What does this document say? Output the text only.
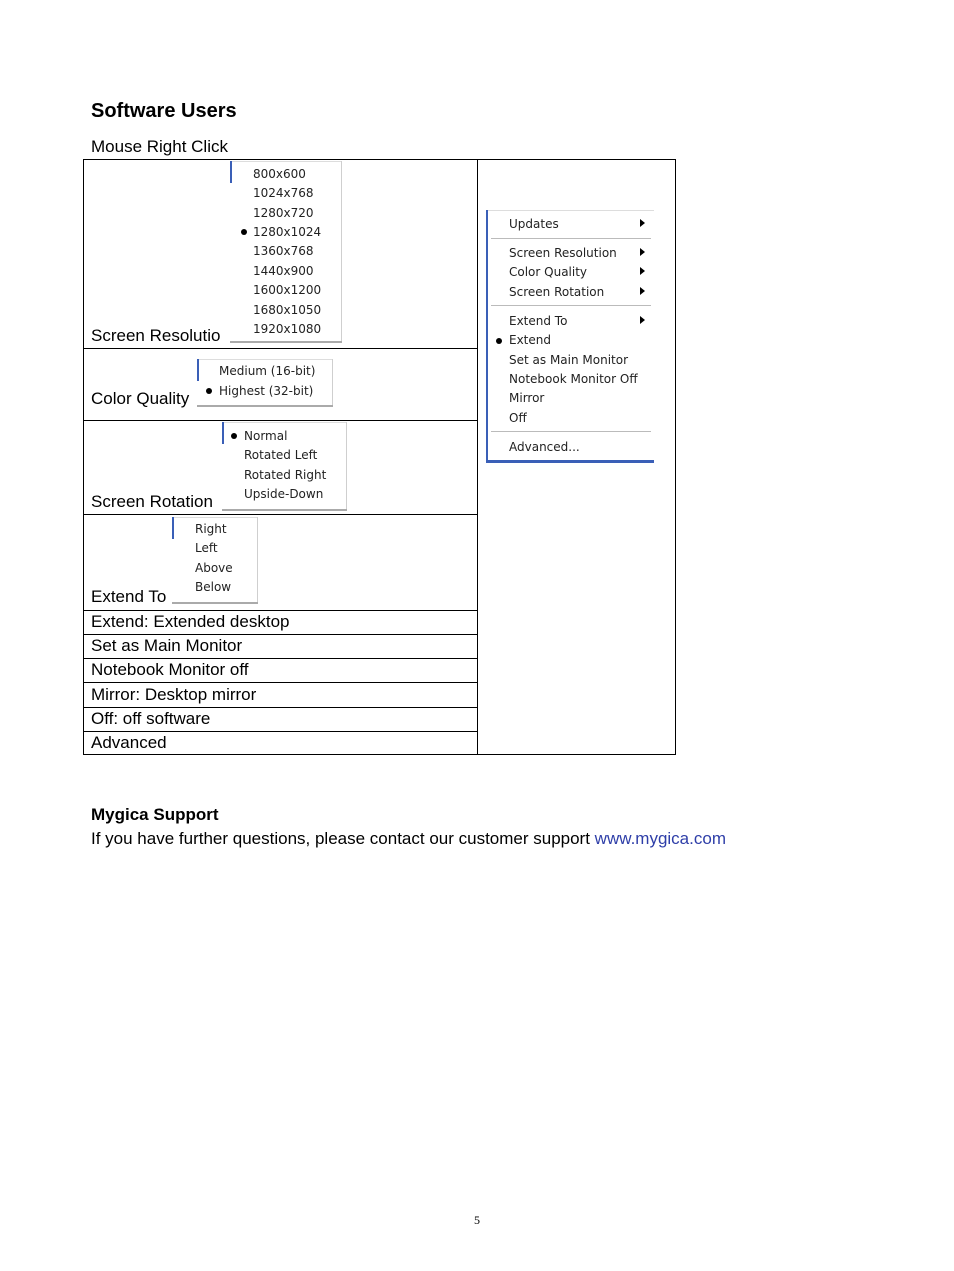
Software Users
Mouse Right Click
Screen Resolutio
Color Quality
Screen Rotation
Extend To
Extend: Extended desktop
Set as Main Monitor
Notebook Monitor off
Mirror: Desktop mirror
Off: off software
Advanced
800x600
1024x768
1280x720
1280x1024
1360x768
1440x900
1600x1200
1680x1050
1920x1080
Medium (16-bit)
Highest (32-bit)
Normal
Rotated Left
Rotated Right
Upside-Down
Right
Left
Above
Below
Updates
Screen Resolution
Color Quality
Screen Rotation
Extend To
Extend
Set as Main Monitor
Notebook Monitor Off
Mirror
Off
Advanced...
Mygica Support
If you have further questions, please contact our customer support www.mygica.com
5
